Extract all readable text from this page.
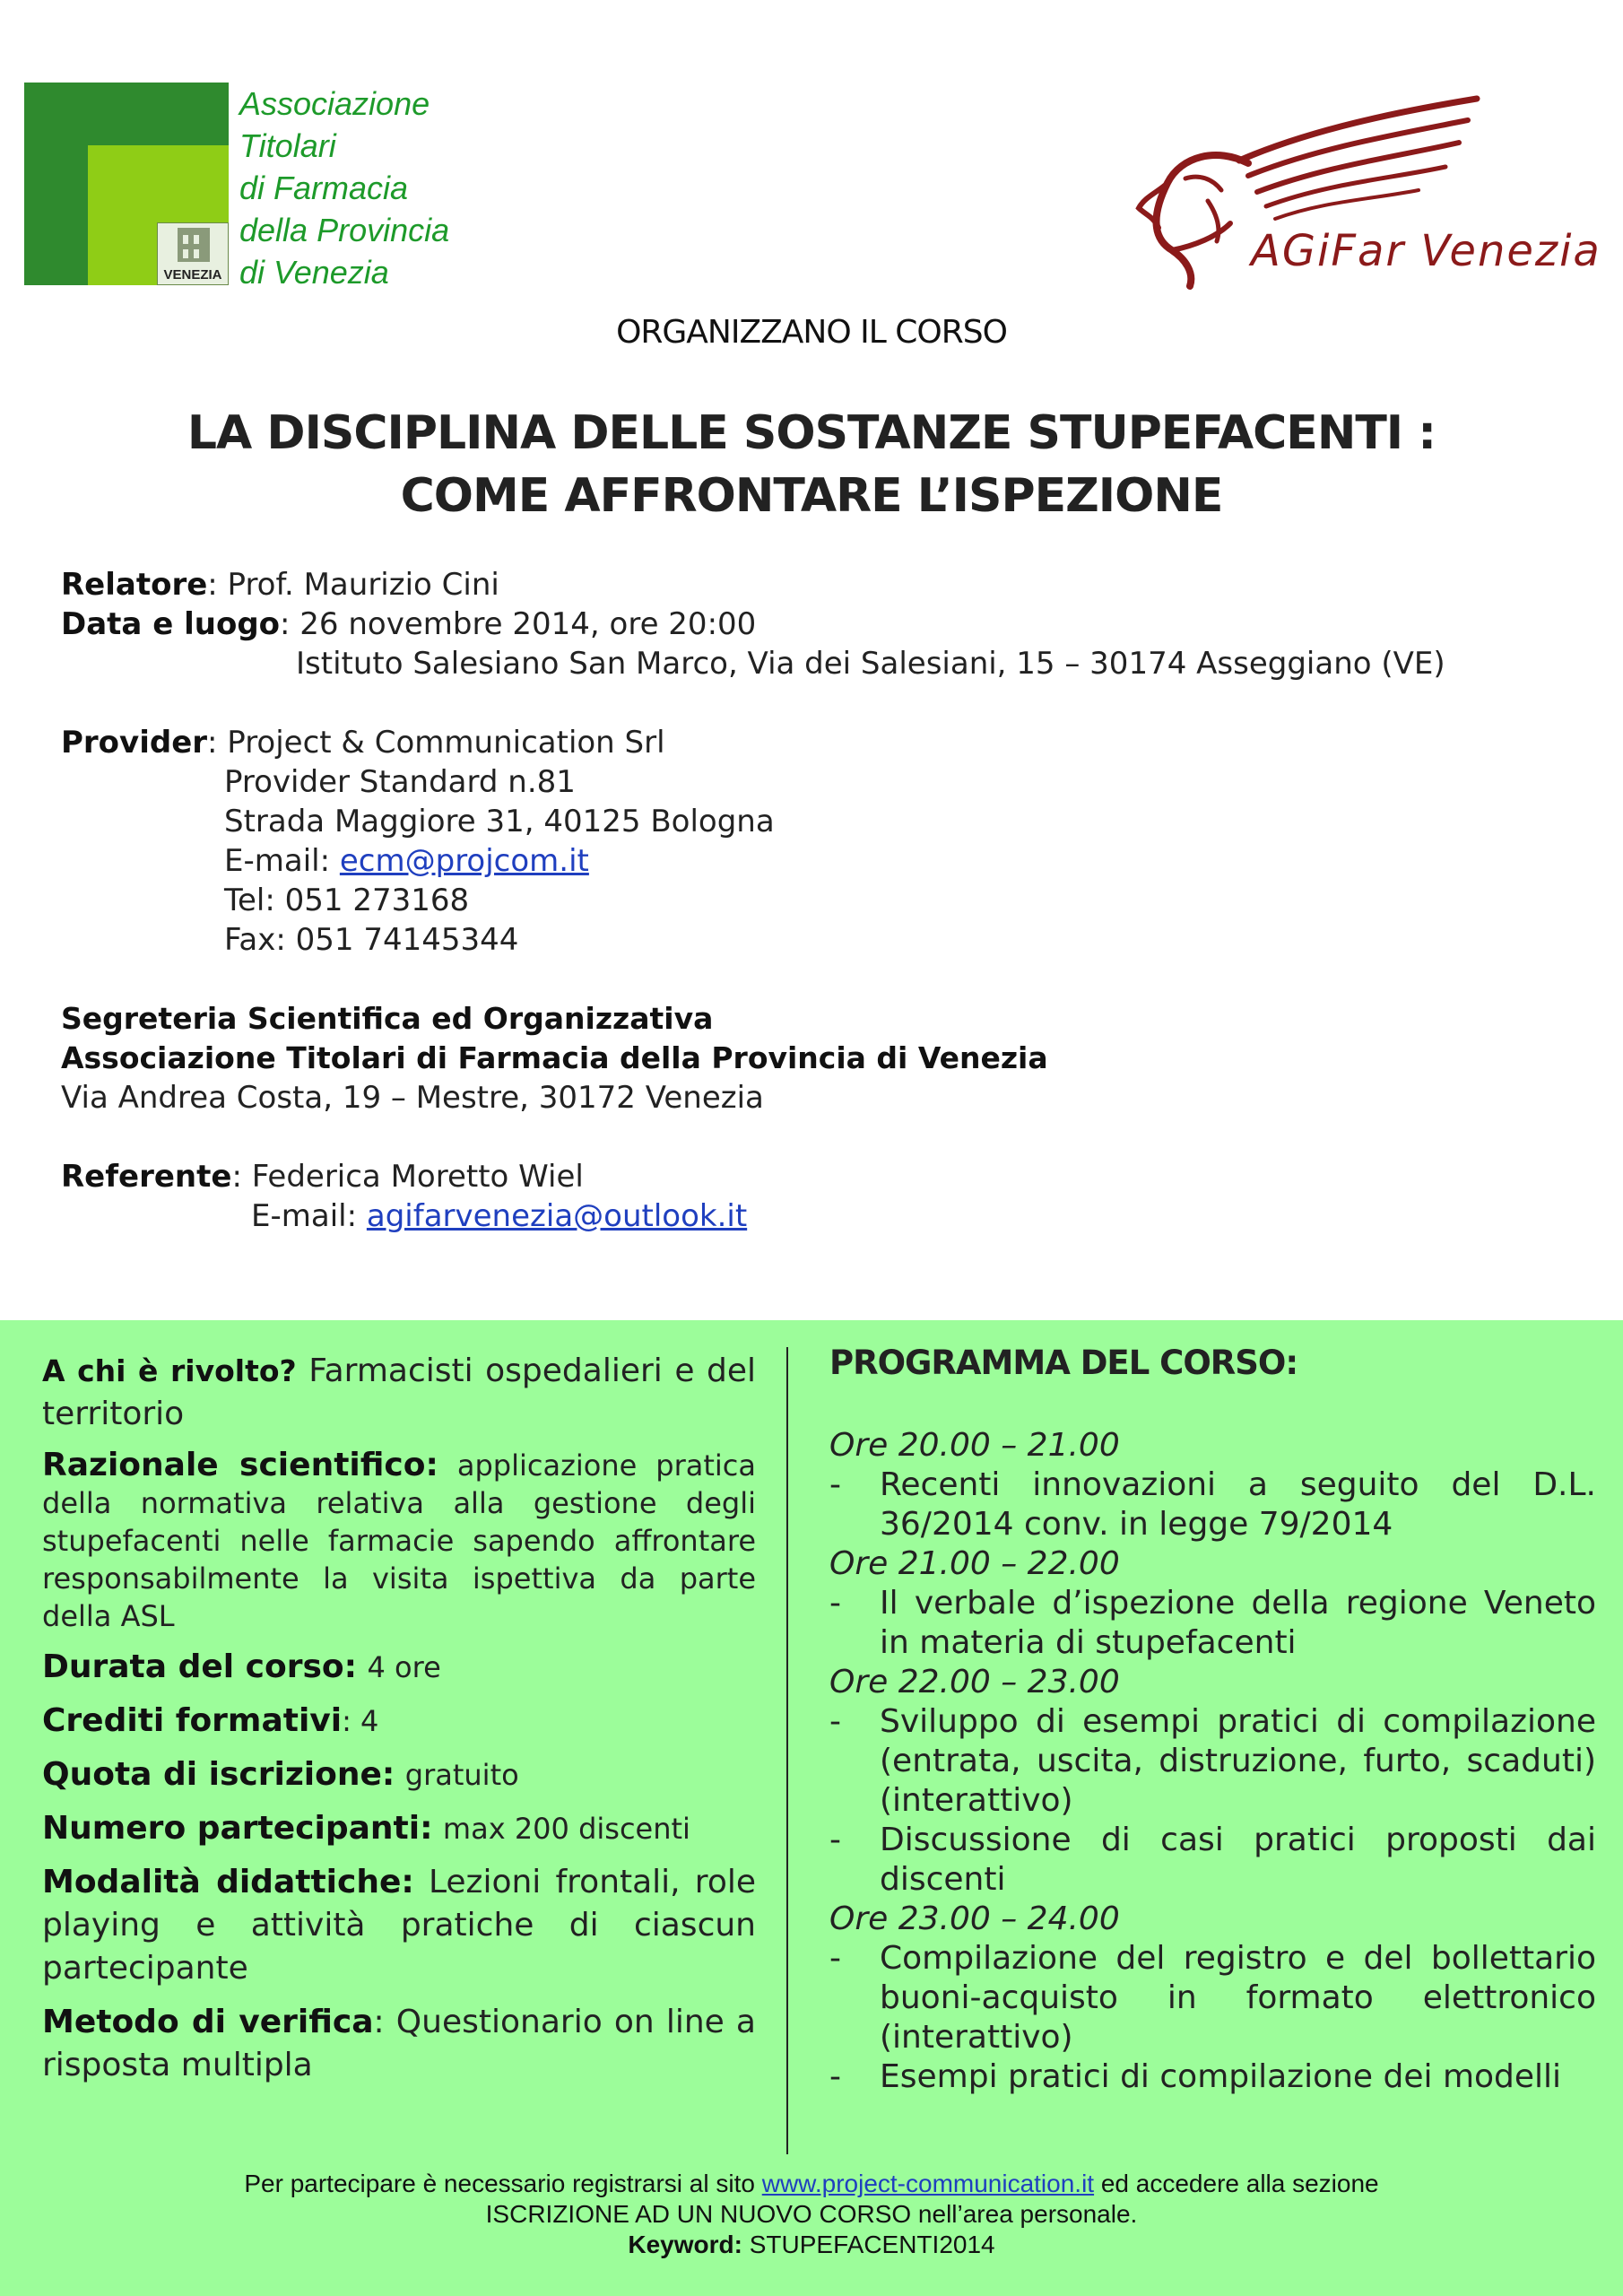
VENEZIA
Associazione
Titolari
di Farmacia
della Provincia
di Venezia	AGiFar Venezia
ORGANIZZANO IL CORSO
LA DISCIPLINA DELLE SOSTANZE STUPEFACENTI :
COME AFFRONTARE L’ISPEZIONE
Relatore: Prof. Maurizio Cini
Data e luogo: 26 novembre 2014, ore 20:00
Istituto Salesiano San Marco, Via dei Salesiani, 15 – 30174 Asseggiano (VE)
Provider: Project & Communication Srl
Provider Standard n.81
Strada Maggiore 31, 40125 Bologna
E-mail: ecm@projcom.it
Tel: 051 273168
Fax: 051 74145344
Segreteria Scientifica ed Organizzativa
Associazione Titolari di Farmacia della Provincia di Venezia
Via Andrea Costa, 19 – Mestre, 30172 Venezia
Referente: Federica Moretto Wiel
E-mail: agifarvenezia@outlook.it
A chi è rivolto? Farmacisti ospedalieri e del territorio
Razionale scientifico: applicazione pratica della normativa relativa alla gestione degli stupefacenti nelle farmacie sapendo affrontare responsabilmente la visita ispettiva da parte della ASL
Durata del corso: 4 ore
Crediti formativi: 4
Quota di iscrizione: gratuito
Numero partecipanti: max 200 discenti
Modalità didattiche: Lezioni frontali, role playing e attività pratiche di ciascun partecipante
Metodo di verifica: Questionario on line a risposta multipla
PROGRAMMA DEL CORSO:
Ore 20.00 – 21.00
- Recenti innovazioni a seguito del D.L. 36/2014 conv. in legge 79/2014
Ore 21.00 – 22.00
- Il verbale d’ispezione della regione Veneto in materia di stupefacenti
Ore 22.00 – 23.00
- Sviluppo di esempi pratici di compilazione (entrata, uscita, distruzione, furto, scaduti) (interattivo)
- Discussione di casi pratici proposti dai discenti
Ore 23.00 – 24.00
- Compilazione del registro e del bollettario buoni-acquisto in formato elettronico (interattivo)
- Esempi pratici di compilazione dei modelli
Per partecipare è necessario registrarsi al sito www.project-communication.it ed accedere alla sezione
ISCRIZIONE AD UN NUOVO CORSO nell’area personale.
Keyword: STUPEFACENTI2014
